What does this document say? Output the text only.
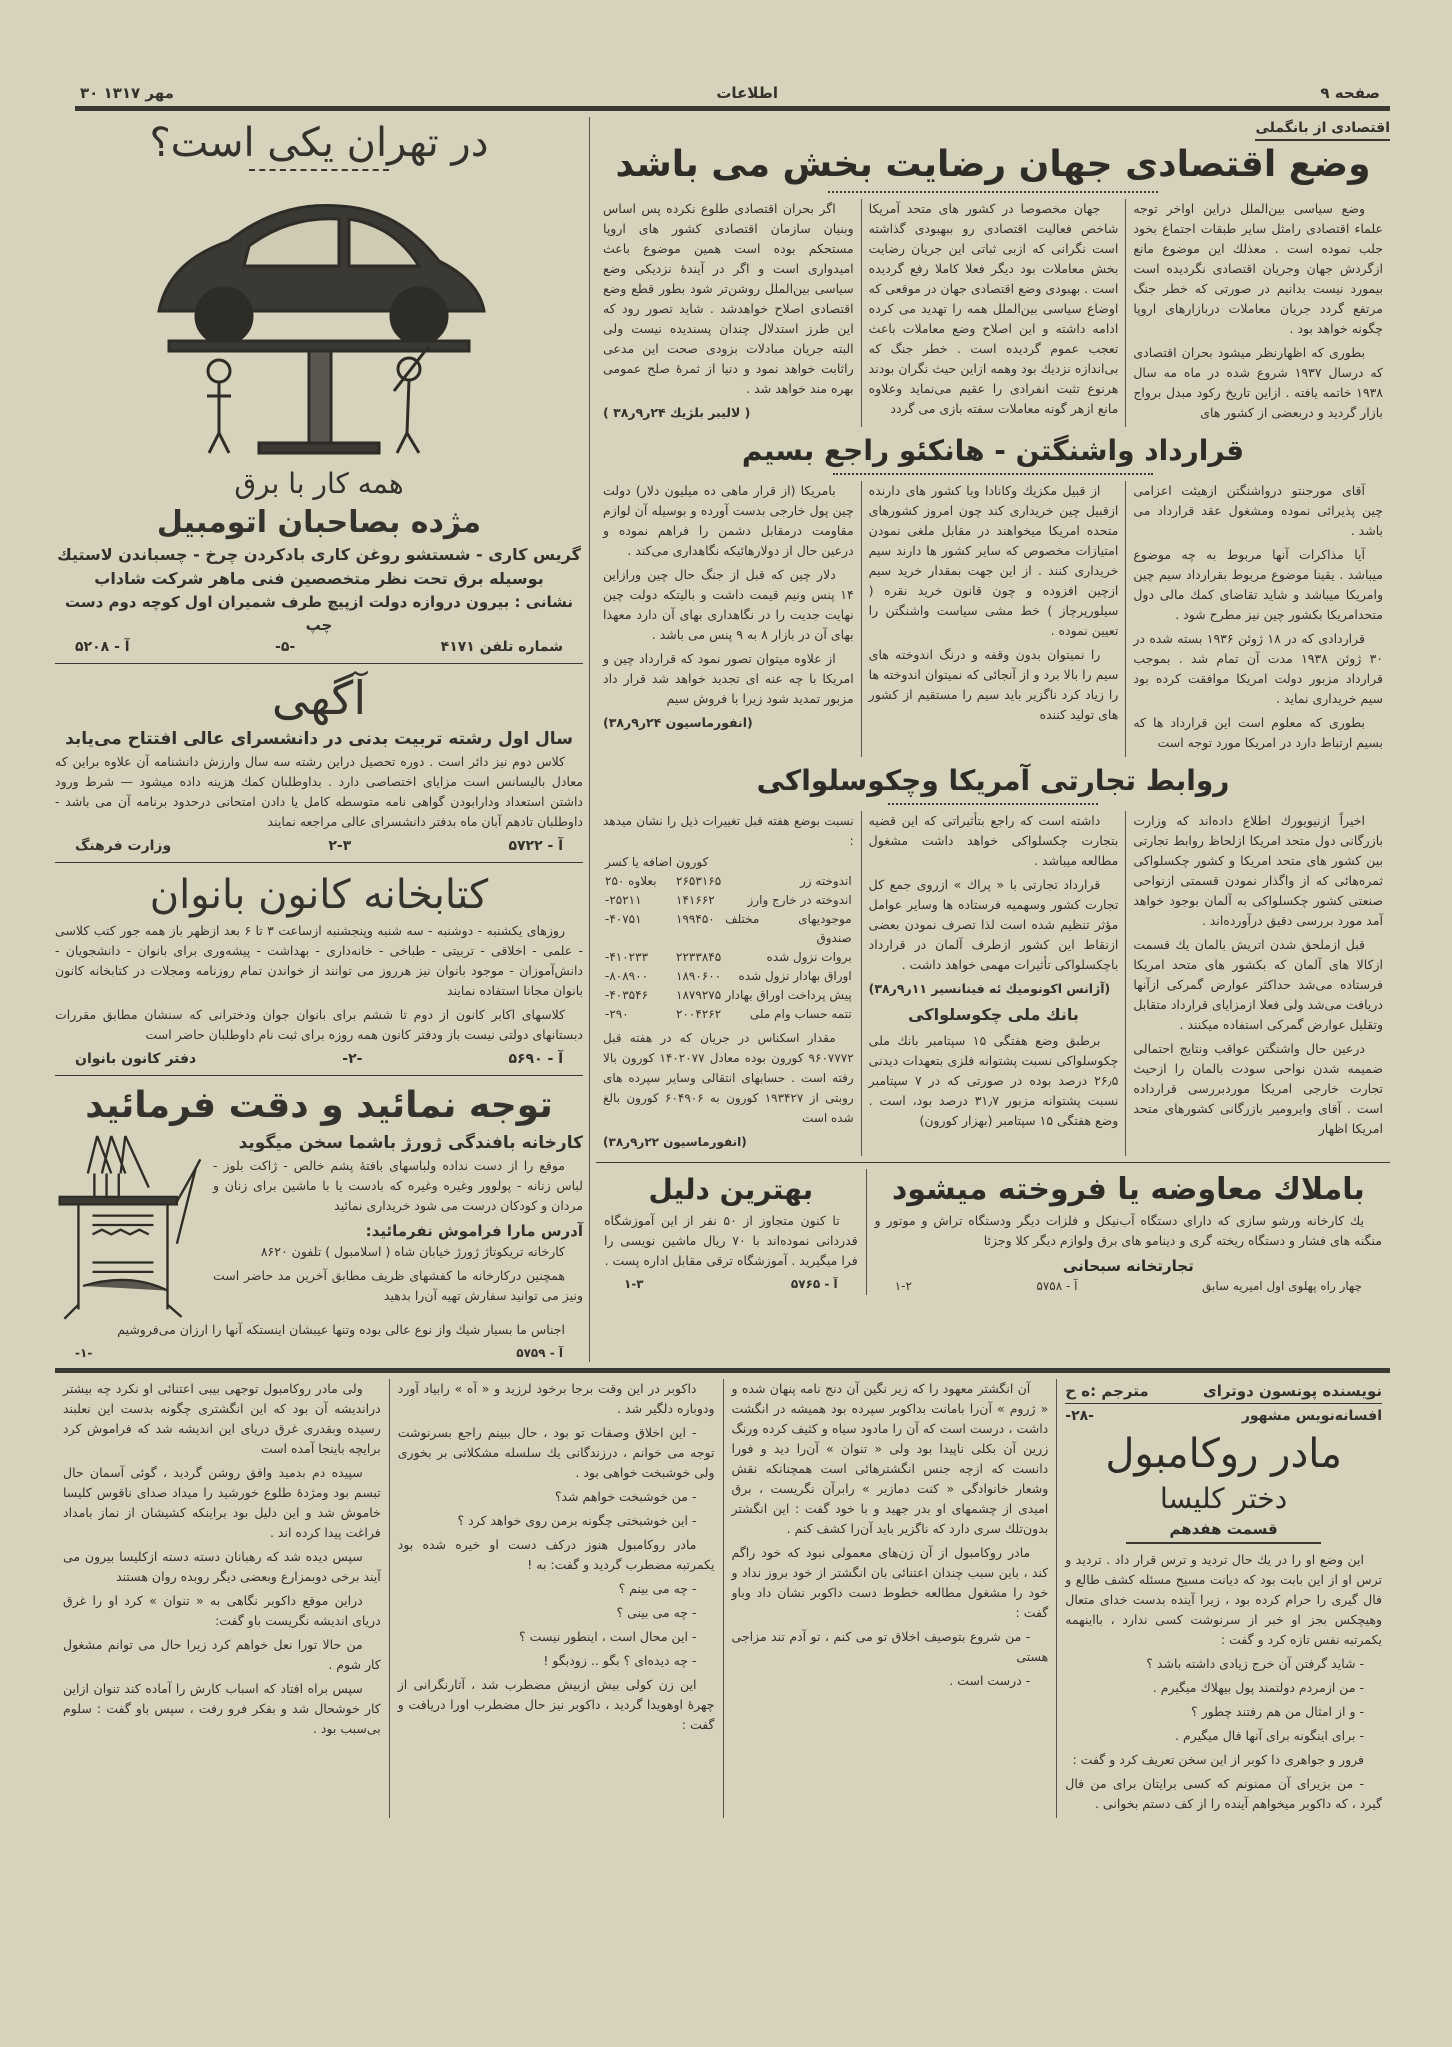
۳۰ مهر ۱۳۱۷	اطلاعات	صفحه ۹
در تهران یکی است؟
همه کار با برق
مژده بصاحبان اتومبیل
گریس کاری - شستشو روغن کاری بادکردن چرخ - چسباندن لاستیك
بوسیله برق تحت نظر متخصصین فنی ماهر شرکت شاداب
نشانی : بیرون دروازه دولت ازپیچ طرف شمیران اول کوچه دوم دست چپ
شماره تلفن ۴۱۷۱
-۵-
آ - ۵۲۰۸
آگهی
سال اول رشته تربیت بدنی در دانشسرای عالی افتتاح می‌یابد

کلاس دوم نیز دائر است . دوره تحصیل دراین رشته سه سال وارزش دانشنامه آن علاوه براین که معادل بالیسانس است مزایای اختصاصی دارد . بداوطلبان کمك هزینه داده میشود — شرط ورود داشتن استعداد ودارابودن گواهی نامه متوسطه کامل یا دادن امتحانی درحدود برنامه آن می باشد - داوطلبان تادهم آبان ماه بدفتر دانشسرای عالی مراجعه نمایند

آ - ۵۷۲۲
۲-۳
وزارت فرهنگ
کتابخانه کانون بانوان

روزهای یکشنبه - دوشنبه - سه شنبه وپنجشنبه ازساعت ۳ تا ۶ بعد ازظهر باز همه جور کتب کلاسی - علمی - اخلاقی - تربیتی - طباخی - خانه‌داری - بهداشت - پیشه‌وری برای بانوان - دانشجویان - دانش‌آموزان - موجود بانوان نیز هرروز می توانند از خواندن تمام روزنامه ومجلات در کتابخانه کانون بانوان مجانا استفاده نمایند

کلاسهای اکابر کانون از دوم تا ششم برای بانوان جوان ودخترانی که سنشان مطابق مقررات دبستانهای دولتی نیست باز ودفتر کانون همه روزه برای ثبت نام داوطلبان حاضر است

آ - ۵۶۹۰
-۲-
دفتر کانون بانوان
توجه نمائید و دقت فرمائید
کارخانه بافندگی ژورژ باشما سخن میگوید

موقع را از دست نداده ولباسهای بافتهٔ پشم خالص - ژاکت بلوز - لباس زنانه - پولوور وغیره وغیره که بادست یا با ماشین برای زنان و مردان و کودکان درست می شود خریداری نمائید

آدرس مارا فراموش نفرمائید:

کارخانه تریکوتاژ ژورژ خیابان شاه ( اسلامبول ) تلفون ۸۶۲۰

همچنین درکارخانه ما کفشهای ظریف مطابق آخرین مد حاضر است ونیز می توانید سفارش تهیه آن‌را بدهید

اجناس ما بسیار شیك واز نوع عالی بوده وتنها عیبشان اینستکه آنها را ارزان می‌فروشیم

آ - ۵۷۵۹
-۱-
اقتصادی از بانگملی
وضع اقتصادی جهان رضایت بخش می باشد

وضع سیاسی بین‌الملل دراین اواخر توجه علماء اقتصادی رامثل سایر طبقات اجتماع بخود جلب نموده است . معذلك این موضوع مانع ازگردش جهان وجریان اقتصادی نگردیده است بیمورد نیست بدانیم در صورتی که خطر جنگ مرتفع گردد جریان معاملات دربازارهای اروپا چگونه خواهد بود .

بطوری که اظهارنظر میشود بحران اقتصادی که درسال ۱۹۳۷ شروع شده در ماه مه سال ۱۹۳۸ خاتمه یافته . ازاین تاریخ رکود مبدل برواج بازار گردید و دربعضی از کشور های

جهان مخصوصا در کشور های متحد آمریکا شاخص فعالیت اقتصادی رو ببهبودی گذاشته است نگرانی که ازبی ثباتی این جریان رضایت بخش معاملات بود دیگر فعلا کاملا رفع گردیده است . بهبودی وضع اقتصادی جهان در موقعی که اوضاع سیاسی بین‌الملل همه را تهدید می کرده ادامه داشته و این اصلاح وضع معاملات باعث تعجب عموم گردیده است . خطر جنگ که بی‌اندازه نزدیك بود وهمه ازاین حیث نگران بودند هرنوع تثبت انفرادی را عقیم می‌نماید وعلاوه مانع ازهر گونه معاملات سفته بازی می گردد

اگر بحران اقتصادی طلوع نکرده پس اساس وبنیان سازمان اقتصادی کشور های اروپا مستحکم بوده است همین موضوع باعث امیدواری است و اگر در آیندهٔ نزدیکی وضع سیاسی بین‌الملل روشن‌تر شود بطور قطع وضع اقتصادی اصلاح خواهدشد . شاید تصور رود که این طرز استدلال چندان پسندیده نیست ولی البته جریان مبادلات بزودی صحت این مدعی راثابت خواهد نمود و دنیا از ثمرهٔ صلح عمومی بهره مند خواهد شد .

( لالیبر بلژیك ۲۴ر۹ر۳۸ )

قرارداد واشنگتن - هانکئو راجع بسیم

آقای مورجنتو درواشنگتن ازهیئت اعزامی چین پذیرائی نموده ومشغول عقد قرارداد می باشد .

آیا مذاکرات آنها مربوط به چه موضوع میباشد . یقینا موضوع مربوط بقرارداد سیم چین وامریکا میباشد و شاید تقاضای کمك مالی دول متحدامریکا بکشور چین نیز مطرح شود .

قراردادی که در ۱۸ ژوئن ۱۹۳۶ بسته شده در ۳۰ ژوئن ۱۹۳۸ مدت آن تمام شد . بموجب قرارداد مزبور دولت امریکا موافقت کرده بود سیم خریداری نماید .

بطوری که معلوم است این قرارداد ها که بسیم ارتباط دارد در امریکا مورد توجه است

از قبیل مکزیك وکانادا ویا کشور های دارنده ازقبیل چین خریداری کند چون امروز کشورهای متحده امریکا میخواهند در مقابل ملغی نمودن امتیازات مخصوص که سایر کشور ها دارند سیم خریداری کنند . از این جهت بمقدار خرید سیم ازچین افزوده و چون قانون خرید نقره ( سیلورپرچاز ) خط مشی سیاست واشنگتن را تعیین نموده .

را نمیتوان بدون وقفه و درنگ اندوخته های سیم را بالا برد و از آنجائی که نمیتوان اندوخته ها را زیاد کرد ناگزیر باید سیم را مستقیم از کشور های تولید کننده

بامریکا (از قرار ماهی ده میلیون دلار) دولت چین پول خارجی بدست آورده و بوسیله آن لوازم مقاومت درمقابل دشمن را فراهم نموده و درعین حال از دولارهائیکه نگاهداری می‌کند .

دلار چین که قبل از جنگ حال چین ورازاین ۱۴ پنس ونیم قیمت داشت و بالیتکه دولت چین نهایت جدیت را در نگاهداری بهای آن دارد معهذا بهای آن در بازار ۸ به ۹ پنس می باشد .

از علاوه میتوان تصور نمود که قرارداد چین و امریکا با چه عنه ای تجدید خواهد شد قرار داد مزبور تمدید شود زیرا با فروش سیم

(انفورماسیون ۲۴ر۹ر۳۸)

روابط تجارتی آمریکا وچکوسلواکی

اخیراً ازنیویورك اطلاع داده‌اند که وزارت بازرگانی دول متحد امریکا ازلحاظ روابط تجارتی بین کشور های متحد امریکا و کشور چکسلواکی ثمره‌هائی که از واگذار نمودن قسمتی ازنواحی صنعتی کشور چکسلواکی به آلمان بوجود خواهد آمد مورد بررسی دقیق درآورده‌اند .

قبل ازملحق شدن اتریش بالمان یك قسمت ازکالا های آلمان که بکشور های متحد امریکا فرستاده می‌شد حداکثر عوارض گمرکی ازآنها دریافت می‌شد ولی فعلا ازمزایای قرارداد متقابل وتقلیل عوارض گمرکی استفاده میکنند .

درعین حال واشنگتن عواقب ونتایج احتمالی ضمیمه شدن نواحی سودت بالمان را ازحیث تجارت خارجی امریکا موردبررسی قرارداده است . آقای وایرومیر بازرگانی کشورهای متحد امریکا اظهار

داشته است که راجع بتأثیراتی که این قضیه بتجارت چکسلواکی خواهد داشت مشغول مطالعه میباشد .

قرارداد تجارتی با « پراك » ازروی جمع کل تجارت کشور وسهمیه فرستاده ها وسایر عوامل مؤثر تنظیم شده است لذا تصرف نمودن بعضی ازنقاط این کشور ازطرف آلمان در قرارداد باچکسلواکی تأثیرات مهمی خواهد داشت .

(آژانس اکونومیك ئه فینانسیر ۱۱ر۹ر۳۸)

بانك ملی چکوسلواکی

برطبق وضع هفتگی ۱۵ سپتامبر بانك ملی چکوسلواکی نسبت پشتوانه فلزی بتعهدات دیدنی ۲۶٫۵ درصد بوده در صورتی که در ۷ سپتامبر نسبت پشتوانه مزبور ۳۱٫۷ درصد بود، است . وضع هفتگی ۱۵ سپتامبر (بهزار کورون)

نسبت بوضع هفته قبل تغییرات ذیل را نشان میدهد :
	کورون	اضافه یا کسر
اندوخته زر	۲۶۵۳۱۶۵	بعلاوه ۲۵۰
اندوخته در خارج وارز	۱۴۱۶۶۲	-۲۵۲۱۱
موجودیهای مختلف صندوق	۱۹۹۴۵۰	-۴۰۷۵۱
بروات نزول شده	۲۲۳۳۸۴۵	-۴۱۰۲۳۳
اوراق بهادار نزول شده	۱۸۹۰۶۰۰	-۸۰۸۹۰۰
پیش پرداخت اوراق بهادار	۱۸۷۹۲۷۵	-۴۰۳۵۴۶
تتمه حساب وام ملی	۲۰۰۴۲۶۲	-۲۹۰

مقدار اسکناس در جریان که در هفته قبل ۹۶۰۷۷۷۲ کورون بوده معادل ۱۴۰۲۰۷۷ کورون بالا رفته است . حسابهای انتقالی وسایر سپرده های روبتی از ۱۹۳۴۲۷ کورون به ۶۰۴۹۰۶ کورون بالغ شده است

(انفورماسیون ۲۲ر۹ر۳۸)

باملاك معاوضه یا فروخته میشود

یك کارخانه ورشو سازی که دارای دستگاه آب‌نیکل و فلزات دیگر ودستگاه تراش و موتور و منگنه های فشار و دستگاه ریخته گری و دینامو های برق ولوازم دیگر کلا وجزئا

تجارتخانه سبحانی
چهار راه پهلوی اول امیریه سابق
آ - ۵۷۵۸
۱-۲
بهترین دلیل

تا کنون متجاوز از ۵۰ نفر از این آموزشگاه قدردانی نموده‌اند با ۷۰ ریال ماشین نویسی را فرا میگیرید . آموزشگاه ترقی مقابل اداره پست .

آ - ۵۷۶۵
۱-۳
نویسنده پونسون دوترای
مترجم :ه ح
افسانه‌نویس مشهور
-۲۸-
مادر روکامبول
دختر کلیسا
قسمت هفدهم

این وضع او را در یك حال تردید و ترس قرار داد . تردید و ترس او از این بابت بود که دیانت مسیح مسئله کشف طالع و فال گیری را حرام کرده بود ، زیرا آینده بدست خدای متعال وهیچکس بجز او خبر از سرنوشت کسی ندارد ، بااینهمه یکمرتبه نفس تازه کرد و گفت :

- شاید گرفتن آن خرج زیادی داشته باشد ؟

- من ازمردم دولتمند پول بیهلاك میگیرم .

- و از امثال من هم رفتند چطور ؟

- برای اینگونه برای آنها فال میگیرم .

فرور و جواهری دا کوبر از این سخن تعریف کرد و گفت :

- من بزیرای آن ممنونم که کسی برایتان برای من فال گیرد ، که داکوبر میخواهم آینده را از کف دستم بخوانی .

آن انگشتر معهود را که زیر نگین آن دنج نامه پنهان شده و « ژروم » آن‌را بامانت بداکوبر سپرده بود همیشه در انگشت داشت ، درست است که آن را مادود سیاه و کثیف کرده ورنگ زرین آن بکلی ناپیدا بود ولی « تنوان » آن‌را دید و فورا دانست که ازچه جنس انگشترهائی است همچنانکه نقش وشعار خانوادگی « کنت دمازیر » رابرآن نگریست ، برق امیدی از چشمهای او بدر جهید و با خود گفت : این انگشتر بدون‌تلك سری دارد که ناگزیر باید آن‌را کشف کنم .

مادر روکامبول از آن زن‌های معمولی نبود که خود راگم کند ، باین سبب چندان اعتنائی بان انگشتر از خود بروز نداد و خود را مشغول مطالعه خطوط دست داکوبر نشان داد وباو گفت :

- من شروع بتوصیف اخلاق تو می کنم ، تو آدم تند مزاجی هستی

- درست است .

داکوبر در این وقت برجا برخود لرزید و « آه » رابیاد آورد ودوباره دلگیر شد .

- این اخلاق وصفات تو بود ، حال ببینم راجع بسرنوشت توجه می خوانم ، درزندگانی یك سلسله مشکلاتی بر بخوری ولی خوشبخت خواهی بود .

- من خوشبخت خواهم شد؟

- این خوشبختی چگونه برمن روی خواهد کرد ؟

مادر روکامبول هنوز درکف دست او خیره شده بود یکمرتبه مضطرب گردید و گفت: به !

- چه می بینم ؟

- چه می بینی ؟

- این محال است ، اینطور نیست ؟

- چه دیده‌ای ؟ بگو .. زودبگو !

این زن کولی بیش ازبیش مضطرب شد ، آثارنگرانی از چهرهٔ اوهویدا گردید ، داکوبر نیز حال مضطرب اورا دریافت و گفت :

ولی مادر روکامبول توجهی بیبی اعتنائی او نکرد چه بیشتر دراندیشه آن بود که این انگشتری چگونه بدست این نعلبند رسیده وبقدری غرق دریای این اندیشه شد که فراموش کرد برایچه باینجا آمده است

سپیده دم بدمید وافق روشن گردید ، گوئی آسمان حال تبسم بود ومژدهٔ طلوع خورشید را میداد صدای ناقوس کلیسا خاموش شد و این دلیل بود براینکه کشیشان از نماز بامداد فراغت پیدا کرده اند .

سپس دیده شد که رهبانان دسته دسته ازکلیسا بیرون می آیند برخی دوبمزارع وبعضی دیگر روبده روان هستند

دراین موقع داکوبر نگاهی به « تنوان » کرد او را غرق دریای اندیشه نگریست باو گفت:

من حالا تورا نعل خواهم کرد زیرا حال می توانم مشغول کار شوم .

سپس براه افتاد که اسباب کارش را آماده کند تنوان ازاین کار خوشحال شد و بفکر فرو رفت ، سپس باو گفت : سلوم بی‌سبب بود .
